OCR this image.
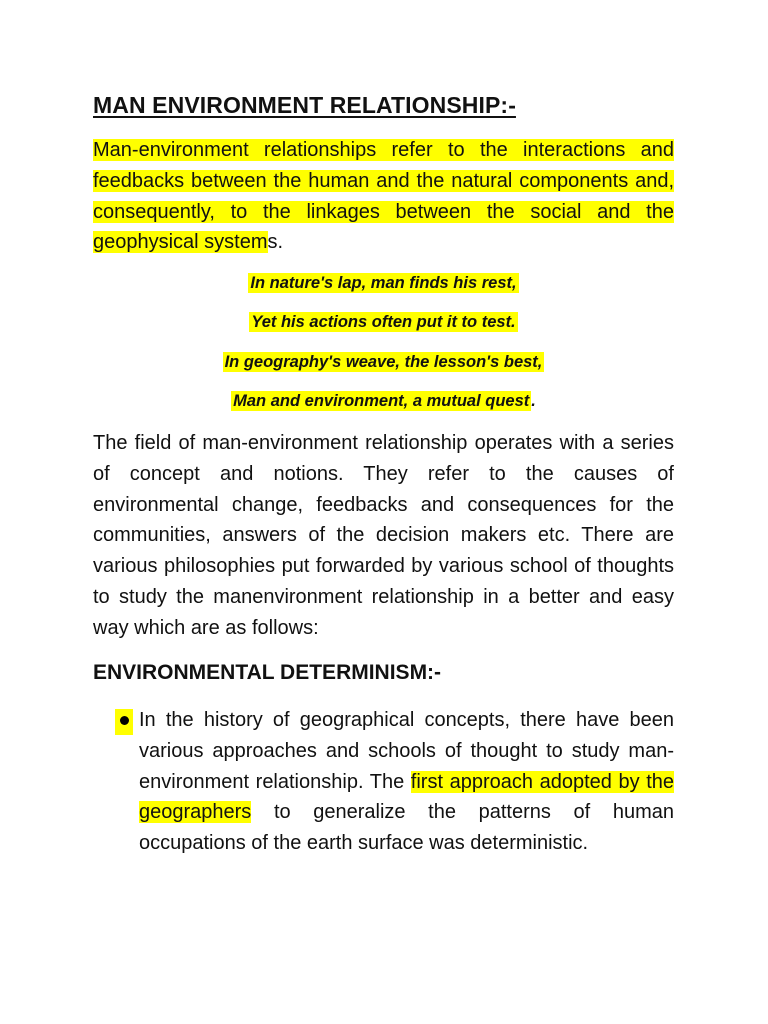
MAN ENVIRONMENT RELATIONSHIP:-
Man-environment relationships refer to the interactions and feedbacks between the human and the natural components and, consequently, to the linkages between the social and the geophysical systems.
In nature's lap, man finds his rest,
Yet his actions often put it to test.
In geography's weave, the lesson's best,
Man and environment, a mutual quest .
The field of man-environment relationship operates with a series of concept and notions. They refer to the causes of environmental change, feedbacks and consequences for the communities, answers of the decision makers etc. There are various philosophies put forwarded by various school of thoughts to study the manenvironment relationship in a better and easy way which are as follows:
ENVIRONMENTAL DETERMINISM:-
In the history of geographical concepts, there have been various approaches and schools of thought to study man-environment relationship. The first approach adopted by the geographers to generalize the patterns of human occupations of the earth surface was deterministic.
